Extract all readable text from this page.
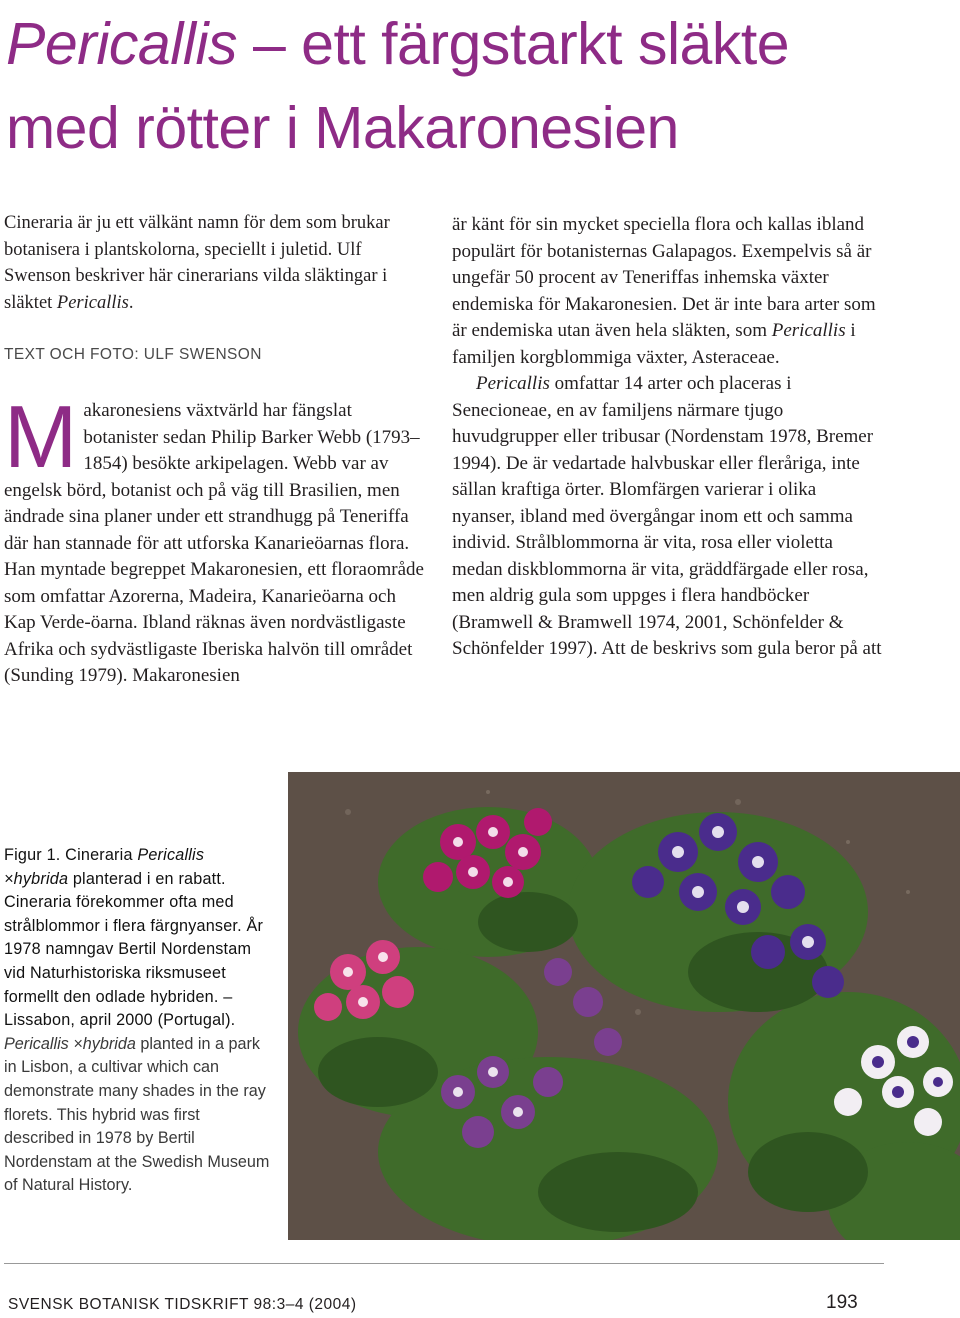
Pericallis – ett färgstarkt släkte
med rötter i Makaronesien

Cineraria är ju ett välkänt namn för dem som brukar botanisera i plantskolorna, speciellt i juletid. Ulf Swenson beskriver här cinerarians vilda släktingar i släktet Pericallis.

TEXT OCH FOTO: ULF SWENSON

Makaronesiens växtvärld har fängslat botanister sedan Philip Barker Webb (1793–1854) besökte arkipelagen. Webb var av engelsk börd, botanist och på väg till Brasilien, men ändrade sina planer under ett strandhugg på Teneriffa där han stannade för att utforska Kanarieöarnas flora. Han myntade begreppet Makaronesien, ett floraområde som omfattar Azorerna, Madeira, Kanarieöarna och Kap Verde-öarna. Ibland räknas även nordvästligaste Afrika och sydvästligaste Iberiska halvön till området (Sunding 1979). Makaronesien

är känt för sin mycket speciella flora och kallas ibland populärt för botanisternas Galapagos. Exempelvis så är ungefär 50 procent av Teneriffas inhemska växter endemiska för Makaronesien. Det är inte bara arter som är endemiska utan även hela släkten, som Pericallis i familjen korgblommiga växter, Asteraceae.

Pericallis omfattar 14 arter och placeras i Senecioneae, en av familjens närmare tjugo huvudgrupper eller tribusar (Nordenstam 1978, Bremer 1994). De är vedartade halvbuskar eller fleråriga, inte sällan kraftiga örter. Blomfärgen varierar i olika nyanser, ibland med övergångar inom ett och samma individ. Strålblommorna är vita, rosa eller violetta medan diskblommorna är vita, gräddfärgade eller rosa, men aldrig gula som uppges i flera handböcker (Bramwell & Bramwell 1974, 2001, Schönfelder & Schönfelder 1997). Att de beskrivs som gula beror på att

Figur 1. Cineraria Pericallis
×hybrida planterad i en rabatt. Cineraria förekommer ofta med strålblommor i flera färgnyanser. År 1978 namngav Bertil Nordenstam vid Naturhistoriska riksmuseet formellt den odlade hybriden. – Lissabon, april 2000 (Portugal).
Pericallis ×hybrida planted in a park in Lisbon, a cultivar which can demonstrate many shades in the ray florets. This hybrid was first described in 1978 by Bertil Nordenstam at the Swedish Museum of Natural History.

SVENSK BOTANISK TIDSKRIFT 98:3–4 (2004)	193
